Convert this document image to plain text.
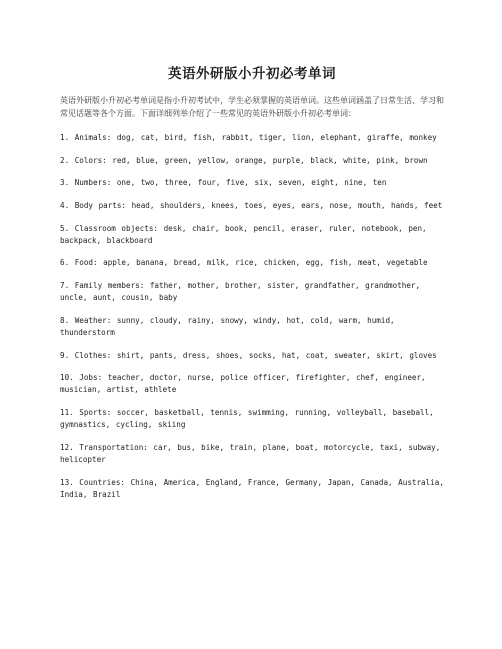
英语外研版小升初必考单词

英语外研版小升初必考单词是指小升初考试中，学生必须掌握的英语单词。这些单词涵盖了日常生活、学习和常见话题等各个方面。下面详细列举介绍了一些常见的英语外研版小升初必考单词：

1. Animals: dog, cat, bird, fish, rabbit, tiger, lion, elephant, giraffe, monkey
2. Colors: red, blue, green, yellow, orange, purple, black, white, pink, brown
3. Numbers: one, two, three, four, five, six, seven, eight, nine, ten
4. Body parts: head, shoulders, knees, toes, eyes, ears, nose, mouth, hands, feet
5. Classroom objects: desk, chair, book, pencil, eraser, ruler, notebook, pen, backpack, blackboard
6. Food: apple, banana, bread, milk, rice, chicken, egg, fish, meat, vegetable
7. Family members: father, mother, brother, sister, grandfather, grandmother, uncle, aunt, cousin, baby
8. Weather: sunny, cloudy, rainy, snowy, windy, hot, cold, warm, humid, thunderstorm
9. Clothes: shirt, pants, dress, shoes, socks, hat, coat, sweater, skirt, gloves
10. Jobs: teacher, doctor, nurse, police officer, firefighter, chef, engineer, musician, artist, athlete
11. Sports: soccer, basketball, tennis, swimming, running, volleyball, baseball, gymnastics, cycling, skiing
12. Transportation: car, bus, bike, train, plane, boat, motorcycle, taxi, subway, helicopter
13. Countries: China, America, England, France, Germany, Japan, Canada, Australia, India, Brazil
